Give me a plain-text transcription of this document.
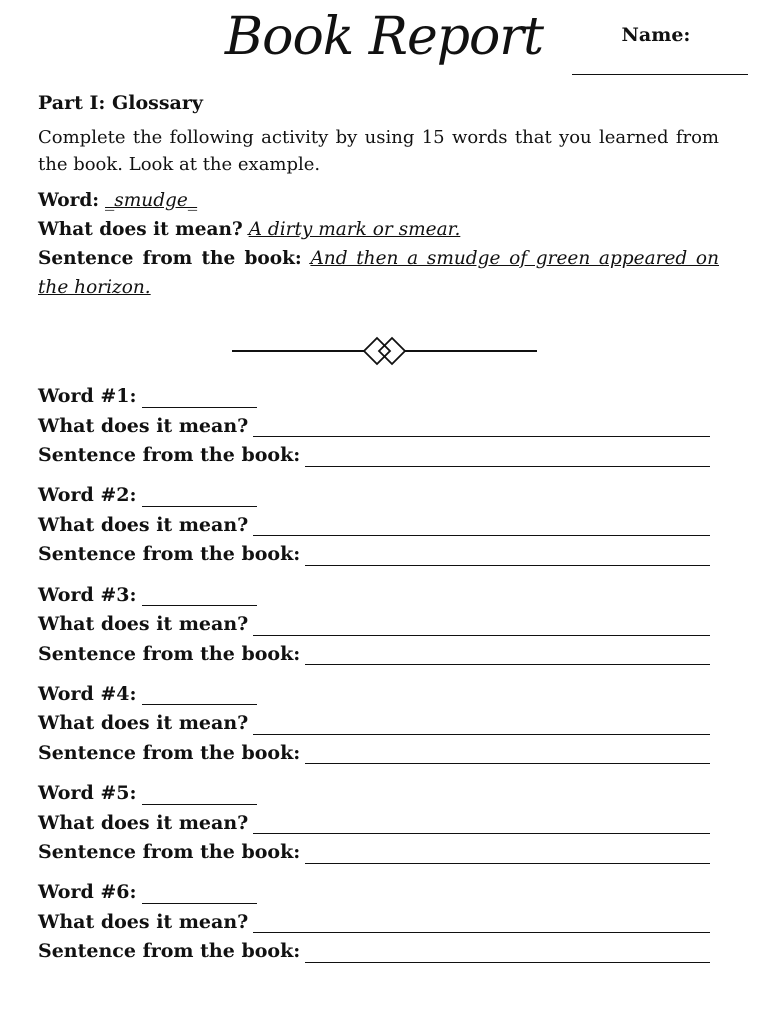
Book Report	Name:
Part I: Glossary
Complete the following activity by using 15 words that you learned from the book. Look at the example.
Word: _smudge_
What does it mean? A dirty mark or smear.
Sentence from the book: And then a smudge of green appeared on the horizon.
Word #1:
What does it mean?
Sentence from the book:
Word #2:
What does it mean?
Sentence from the book:
Word #3:
What does it mean?
Sentence from the book:
Word #4:
What does it mean?
Sentence from the book:
Word #5:
What does it mean?
Sentence from the book:
Word #6:
What does it mean?
Sentence from the book:
